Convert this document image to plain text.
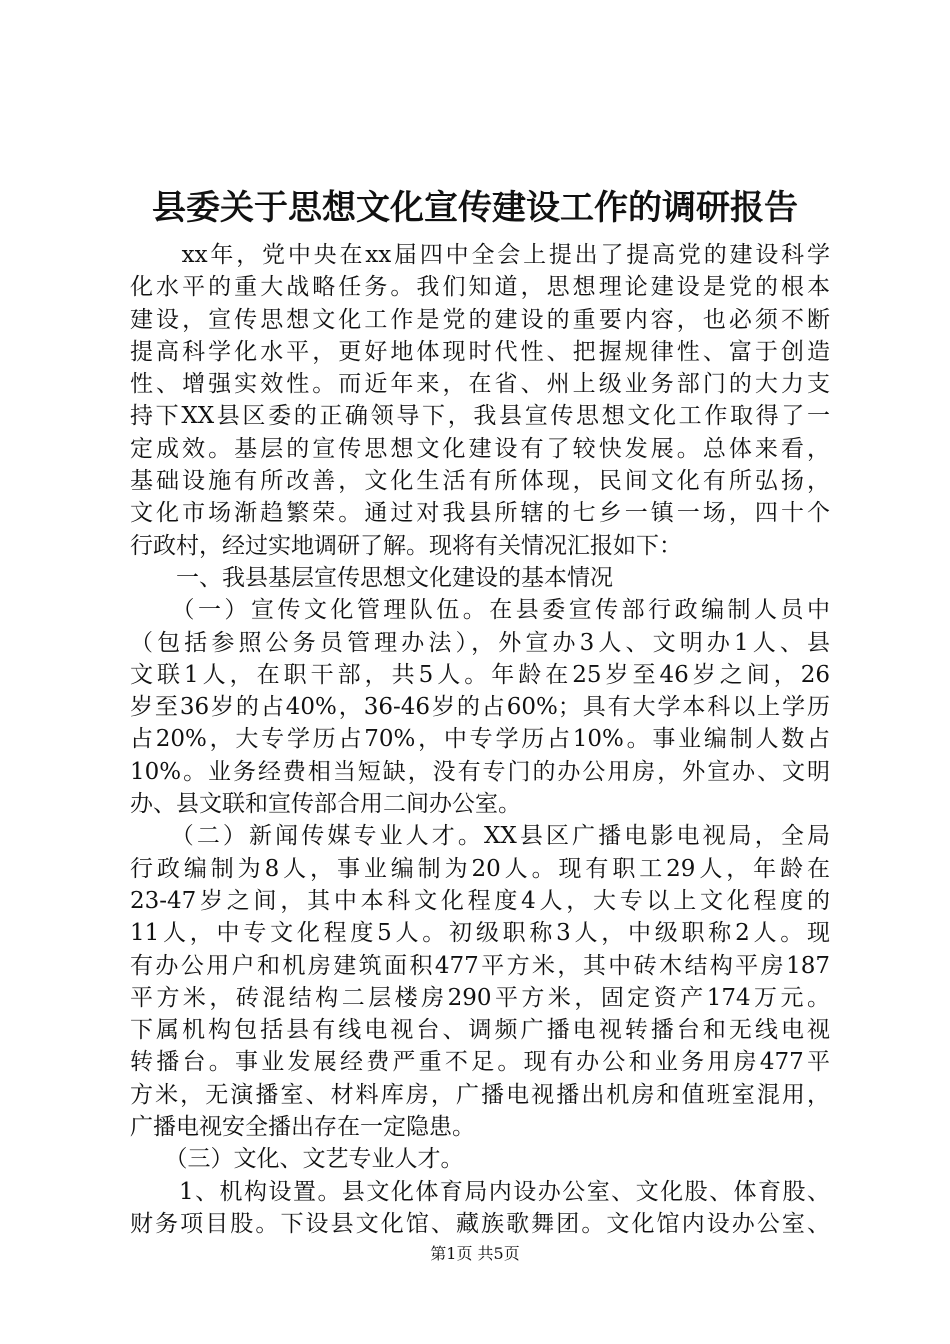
县委关于思想文化宣传建设工作的调研报告
　　xx年，党中央在xx届四中全会上提出了提高党的建设科学
化水平的重大战略任务。我们知道，思想理论建设是党的根本
建设，宣传思想文化工作是党的建设的重要内容，也必须不断
提高科学化水平，更好地体现时代性、把握规律性、富于创造
性、增强实效性。而近年来，在省、州上级业务部门的大力支
持下XX县区委的正确领导下，我县宣传思想文化工作取得了一
定成效。基层的宣传思想文化建设有了较快发展。总体来看，
基础设施有所改善，文化生活有所体现，民间文化有所弘扬，
文化市场渐趋繁荣。通过对我县所辖的七乡一镇一场，四十个
行政村，经过实地调研了解。现将有关情况汇报如下：
　　一、我县基层宣传思想文化建设的基本情况
　　（一）宣传文化管理队伍。在县委宣传部行政编制人员中
（包括参照公务员管理办法），外宣办3人、文明办1人、县
文联1人，在职干部，共5人。年龄在25岁至46岁之间，26
岁至36岁的占40%，36-46岁的占60%；具有大学本科以上学历
占20%，大专学历占70%，中专学历占10%。事业编制人数占
10%。业务经费相当短缺，没有专门的办公用房，外宣办、文明
办、县文联和宣传部合用二间办公室。
　　（二）新闻传媒专业人才。XX县区广播电影电视局，全局
行政编制为8人，事业编制为20人。现有职工29人，年龄在
23-47岁之间，其中本科文化程度4人，大专以上文化程度的
11人，中专文化程度5人。初级职称3人，中级职称2人。现
有办公用户和机房建筑面积477平方米，其中砖木结构平房187
平方米，砖混结构二层楼房290平方米，固定资产174万元。
下属机构包括县有线电视台、调频广播电视转播台和无线电视
转播台。事业发展经费严重不足。现有办公和业务用房477平
方米，无演播室、材料库房，广播电视播出机房和值班室混用，
广播电视安全播出存在一定隐患。
　　（三）文化、文艺专业人才。
　　1、机构设置。县文化体育局内设办公室、文化股、体育股、
财务项目股。下设县文化馆、藏族歌舞团。文化馆内设办公室、
第1页 共5页
